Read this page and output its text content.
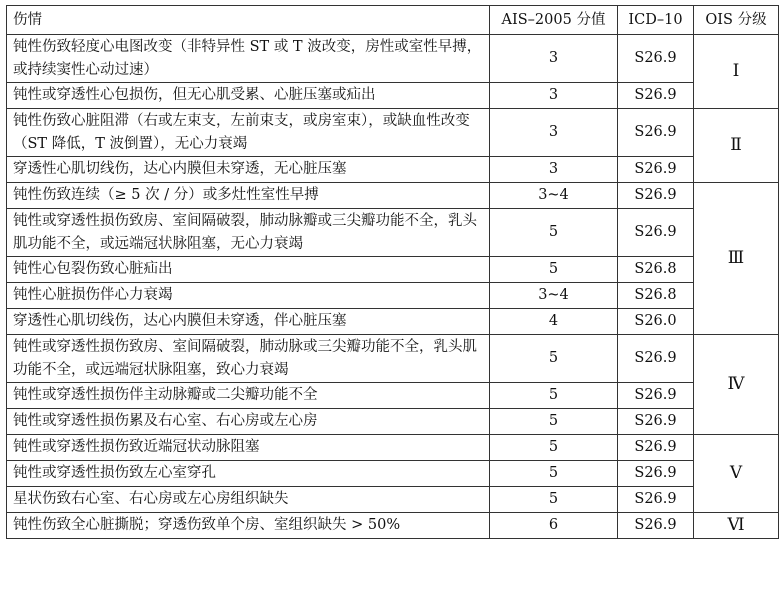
伤情	AIS–2005 分值	ICD–10	OIS 分级
钝性伤致轻度心电图改变（非特异性 ST 或 T 波改变，房性或室性早搏，或持续窦性心动过速）	3	S26.9	Ⅰ
钝性或穿透性心包损伤，但无心肌受累、心脏压塞或疝出	3	S26.9	
钝性伤致心脏阻滞（右或左束支，左前束支，或房室束），或缺血性改变（ST 降低，T 波倒置），无心力衰竭	3	S26.9	Ⅱ
穿透性心肌切线伤，达心内膜但未穿透，无心脏压塞	3	S26.9	
钝性伤致连续（≥ 5 次 / 分）或多灶性室性早搏	3~4	S26.9	Ⅲ
钝性或穿透性损伤致房、室间隔破裂，肺动脉瓣或三尖瓣功能不全，乳头肌功能不全，或远端冠状脉阻塞，无心力衰竭	5	S26.9	
钝性心包裂伤致心脏疝出	5	S26.8	
钝性心脏损伤伴心力衰竭	3~4	S26.8	
穿透性心肌切线伤，达心内膜但未穿透，伴心脏压塞	4	S26.0	
钝性或穿透性损伤致房、室间隔破裂，肺动脉或三尖瓣功能不全，乳头肌功能不全，或远端冠状脉阻塞，致心力衰竭	5	S26.9	Ⅳ
钝性或穿透性损伤伴主动脉瓣或二尖瓣功能不全	5	S26.9	
钝性或穿透性损伤累及右心室、右心房或左心房	5	S26.9	
钝性或穿透性损伤致近端冠状动脉阻塞	5	S26.9	Ⅴ
钝性或穿透性损伤致左心室穿孔	5	S26.9	
星状伤致右心室、右心房或左心房组织缺失	5	S26.9	
钝性伤致全心脏撕脱；穿透伤致单个房、室组织缺失 > 50%	6	S26.9	Ⅵ
